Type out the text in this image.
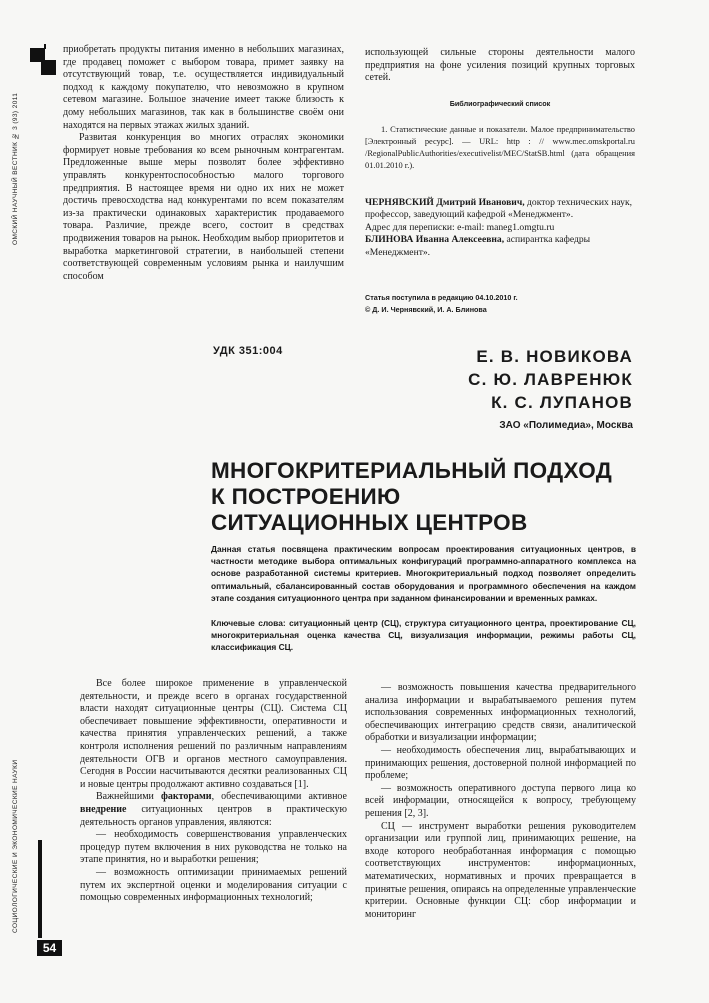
ОМСКИЙ НАУЧНЫЙ ВЕСТНИК № 3 (93) 2011
СОЦИОЛОГИЧЕСКИЕ И ЭКОНОМИЧЕСКИЕ НАУКИ
54

приобретать продукты питания именно в небольших магазинах, где продавец поможет с выбором товара, примет заявку на отсутствующий товар, т.е. осуществляется индивидуальный подход к каждому покупателю, что невозможно в крупном сетевом магазине. Большое значение имеет также близость к дому небольших магазинов, так как в большинстве своём они находятся на первых этажах жилых зданий.

Развитая конкуренция во многих отраслях экономики формирует новые требования ко всем рыночным контрагентам. Предложенные выше меры позволят более эффективно управлять конкурентоспособностью малого торгового предприятия. В настоящее время ни одно их них не может достичь превосходства над конкурентами по всем показателям из-за практически одинаковых характеристик продаваемого товара. Различие, прежде всего, состоит в средствах продвижения товаров на рынок. Необходим выбор приоритетов и выработка маркетинговой стратегии, в наибольшей степени соответствующей современным условиям рынка и наилучшим способом

использующей сильные стороны деятельности малого предприятия на фоне усиления позиций крупных торговых сетей.

Библиографический список

1. Статистические данные и показатели. Малое предпринимательство [Электронный ресурс]. — URL: http : // www.mec.omskportal.ru /RegionalPublicAuthorities/executivelist/MEC/StatSB.html (дата обращения 01.01.2010 г.).

ЧЕРНЯВСКИЙ Дмитрий Иванович, доктор технических наук, профессор, заведующий кафедрой «Менеджмент».

Адрес для переписки: e-mail: maneg1.omgtu.ru

БЛИНОВА Иванна Алексеевна, аспирантка кафедры «Менеджмент».

Статья поступила в редакцию 04.10.2010 г.

© Д. И. Чернявский, И. А. Блинова

УДК 351:004	Е. В. НОВИКОВА
С. Ю. ЛАВРЕНЮК
К. С. ЛУПАНОВ
ЗАО «Полимедиа», Москва
МНОГОКРИТЕРИАЛЬНЫЙ ПОДХОД
К ПОСТРОЕНИЮ
СИТУАЦИОННЫХ ЦЕНТРОВ
Данная статья посвящена практическим вопросам проектирования ситуационных центров, в частности методике выбора оптимальных конфигураций программно-аппаратного комплекса на основе разработанной системы критериев. Многокритериальный подход позволяет определить оптимальный, сбалансированный состав оборудования и программного обеспечения на каждом этапе создания ситуационного центра при заданном финансировании и временных рамках.
Ключевые слова: ситуационный центр (СЦ), структура ситуационного центра, проектирование СЦ, многокритериальная оценка качества СЦ, визуализация информации, режимы работы СЦ, классификация СЦ.

Все более широкое применение в управленческой деятельности, и прежде всего в органах государственной власти находят ситуационные центры (СЦ). Система СЦ обеспечивает повышение эффективности, оперативности и качества принятия управленческих решений, а также контроля исполнения решений по различным направлениям деятельности ОГВ и органов местного самоуправления. Сегодня в России насчитываются десятки реализованных СЦ и новые центры продолжают активно создаваться [1].

Важнейшими факторами, обеспечивающими активное внедрение ситуационных центров в практическую деятельность органов управления, являются:

— необходимость совершенствования управленческих процедур путем включения в них руководства не только на этапе принятия, но и выработки решения;

— возможность оптимизации принимаемых решений путем их экспертной оценки и моделирования ситуации с помощью современных информационных технологий;

— возможность повышения качества предварительного анализа информации и вырабатываемого решения путем использования современных информационных технологий, обеспечивающих интеграцию средств связи, аналитической обработки и визуализации информации;

— необходимость обеспечения лиц, вырабатывающих и принимающих решения, достоверной полной информацией по проблеме;

— возможность оперативного доступа первого лица ко всей информации, относящейся к вопросу, требующему решения [2, 3].

СЦ — инструмент выработки решения руководителем организации или группой лиц, принимающих решение, на входе которого необработанная информация с помощью соответствующих инструментов: информационных, математических, нормативных и прочих превращается в принятые решения, опираясь на определенные управленческие критерии. Основные функции СЦ: сбор информации и мониторинг
